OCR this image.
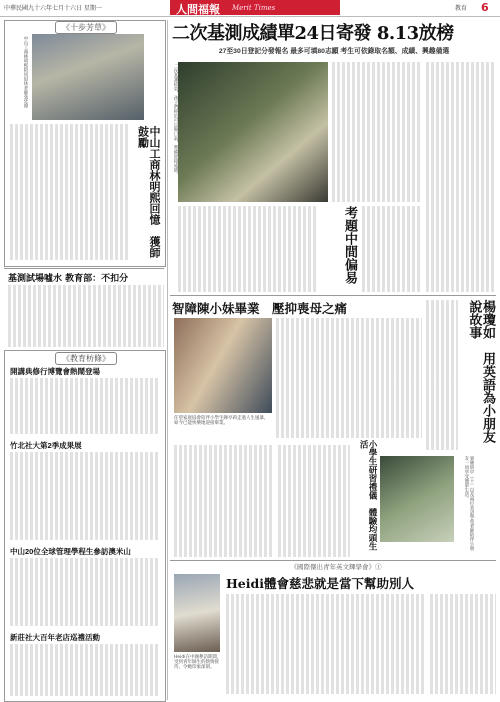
中華民國九十六年七月十六日 星期一	人間福報 Merit Times	教育 6
《十步芳草》
中山工商林明熙陪同退休老師張廷俊
中山工商林明熙回憶　獲師鼓勵
基測試場噓水 教育部：不扣分
《教育枋條》
開講典修行博覽會熱鬧登場
竹北社大第2季成果展
中山20位全球管理學程生參訪澳米山
新莊社大百年老店巡禮活動
二次基測成績單24日寄發 8.13放榜
27至30日登記分發報名 最多可填80志願 考生可依錄取名額、成績、興趣備選
二次基測結束，孩子們終於可以喘口氣，準備迎接成績。
考題中間偏易
智障陳小妹畢業　壓抑喪母之痛
任望家庭協會陪伴小學生陳亭莉走過人生風暴，如今已能快樂地迎接畢業。
小學生研習禮儀　體驗均頭生活
暑修班中（十）以及兩位美語學苑老師陪伴小朋友一同享受簡單生活。
楊瓊如　用英語為小朋友說故事
《國際傑出青年英文輝學會》①
Heidi體會慈悲就是當下幫助別人
Heidi在中國參訪期間，受到青年師生的熱情接待，令她印象深刻。
